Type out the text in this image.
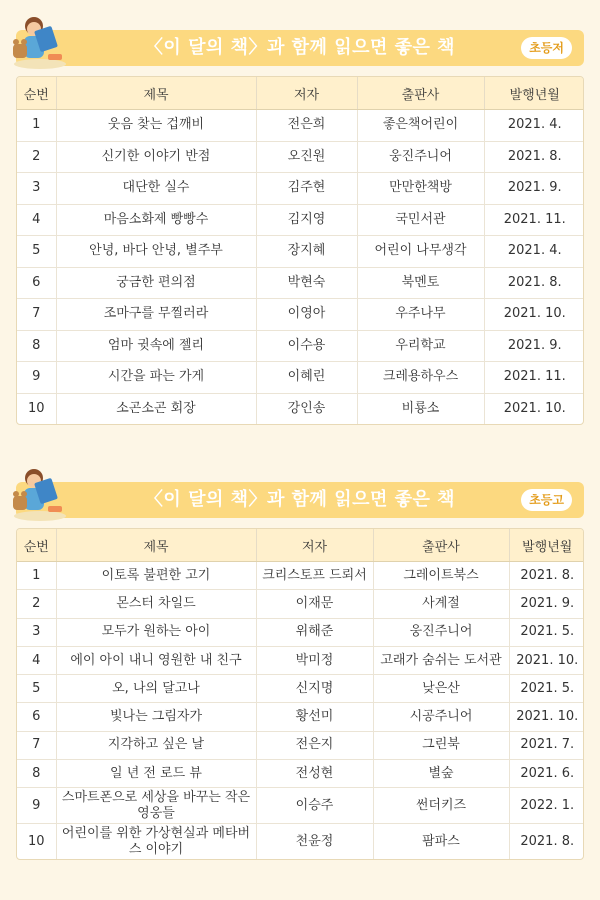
〈이 달의 책〉과 함께 읽으면 좋은 책	초등저
순번	제목	저자	출판사	발행년월
1	웃음 찾는 겁깨비	전은희	좋은책어린이	2021. 4.
2	신기한 이야기 반점	오진원	웅진주니어	2021. 8.
3	대단한 실수	김주현	만만한책방	2021. 9.
4	마음소화제 빵빵수	김지영	국민서관	2021. 11.
5	안녕, 바다 안녕, 별주부	장지혜	어린이 나무생각	2021. 4.
6	궁금한 편의점	박현숙	북멘토	2021. 8.
7	조마구를 무찔러라	이영아	우주나무	2021. 10.
8	엄마 귓속에 젤리	이수용	우리학교	2021. 9.
9	시간을 파는 가게	이혜린	크레용하우스	2021. 11.
10	소곤소곤 회장	강인송	비룡소	2021. 10.
〈이 달의 책〉과 함께 읽으면 좋은 책	초등고
순번	제목	저자	출판사	발행년월
1	이토록 불편한 고기	크리스토프 드뢰서	그레이트북스	2021. 8.
2	몬스터 차일드	이재문	사계절	2021. 9.
3	모두가 원하는 아이	위해준	웅진주니어	2021. 5.
4	에이 아이 내니 영원한 내 친구	박미정	고래가 숨쉬는 도서관	2021. 10.
5	오, 나의 달고나	신지명	낮은산	2021. 5.
6	빛나는 그림자가	황선미	시공주니어	2021. 10.
7	지각하고 싶은 날	전은지	그린북	2021. 7.
8	일 년 전 로드 뷰	전성현	별숲	2021. 6.
9	스마트폰으로 세상을 바꾸는 작은 영웅들	이승주	썬더키즈	2022. 1.
10	어린이를 위한 가상현실과 메타버스 이야기	천윤정	팜파스	2021. 8.
